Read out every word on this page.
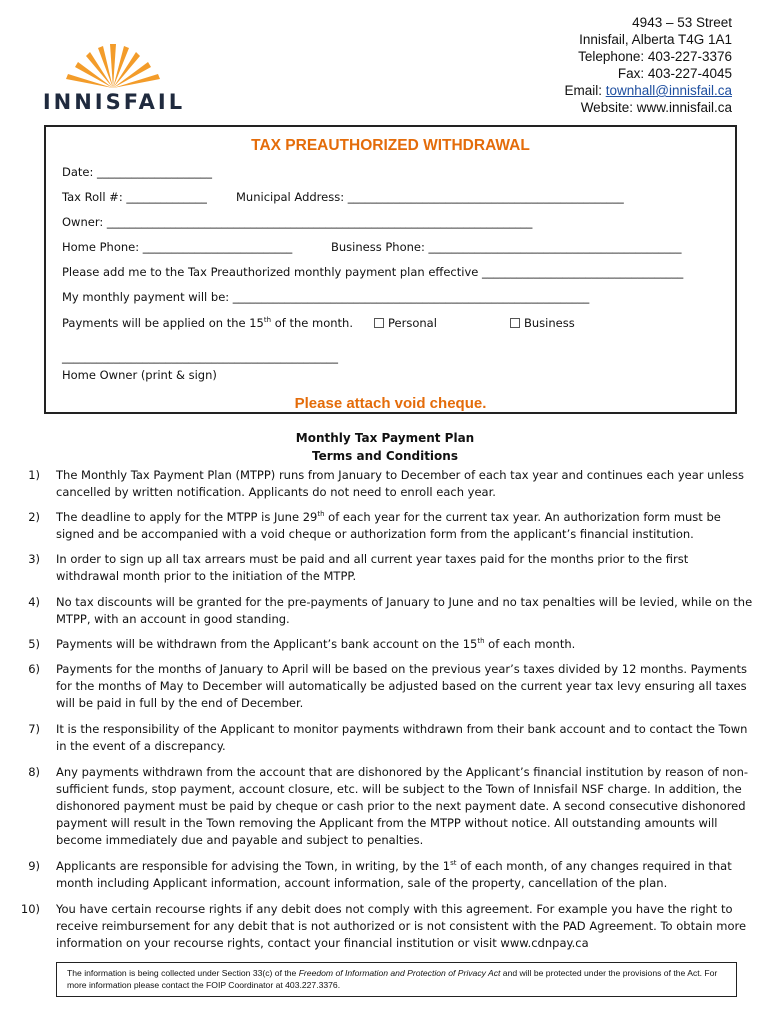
INNISFAIL
4943 – 53 Street
Innisfail, Alberta T4G 1A1
Telephone: 403-227-3376
Fax: 403-227-4045
Email: townhall@innisfail.ca
Website: www.innisfail.ca
TAX PREAUTHORIZED WITHDRAWAL
Date: ____________________
Tax Roll #: ______________	Municipal Address: ________________________________________________
Owner: __________________________________________________________________________
Home Phone: __________________________	Business Phone: ____________________________________________
Please add me to the Tax Preauthorized monthly payment plan effective ___________________________________
My monthly payment will be: ______________________________________________________________
Payments will be applied on the 15th of the month.	Personal	Business
________________________________________________
Home Owner (print & sign)
Please attach void cheque.
Monthly Tax Payment Plan
Terms and Conditions
1) The Monthly Tax Payment Plan (MTPP) runs from January to December of each tax year and continues each year unless cancelled by written notification. Applicants do not need to enroll each year.
2) The deadline to apply for the MTPP is June 29th of each year for the current tax year. An authorization form must be signed and be accompanied with a void cheque or authorization form from the applicant’s financial institution.
3) In order to sign up all tax arrears must be paid and all current year taxes paid for the months prior to the first withdrawal month prior to the initiation of the MTPP.
4) No tax discounts will be granted for the pre-payments of January to June and no tax penalties will be levied, while on the MTPP, with an account in good standing.
5) Payments will be withdrawn from the Applicant’s bank account on the 15th of each month.
6) Payments for the months of January to April will be based on the previous year’s taxes divided by 12 months. Payments for the months of May to December will automatically be adjusted based on the current year tax levy ensuring all taxes will be paid in full by the end of December.
7) It is the responsibility of the Applicant to monitor payments withdrawn from their bank account and to contact the Town in the event of a discrepancy.
8) Any payments withdrawn from the account that are dishonored by the Applicant’s financial institution by reason of non-sufficient funds, stop payment, account closure, etc. will be subject to the Town of Innisfail NSF charge. In addition, the dishonored payment must be paid by cheque or cash prior to the next payment date. A second consecutive dishonored payment will result in the Town removing the Applicant from the MTPP without notice. All outstanding amounts will become immediately due and payable and subject to penalties.
9) Applicants are responsible for advising the Town, in writing, by the 1st of each month, of any changes required in that month including Applicant information, account information, sale of the property, cancellation of the plan.
10) You have certain recourse rights if any debit does not comply with this agreement. For example you have the right to receive reimbursement for any debit that is not authorized or is not consistent with the PAD Agreement. To obtain more information on your recourse rights, contact your financial institution or visit www.cdnpay.ca
The information is being collected under Section 33(c) of the Freedom of Information and Protection of Privacy Act and will be protected under the provisions of the Act. For more information please contact the FOIP Coordinator at 403.227.3376.
